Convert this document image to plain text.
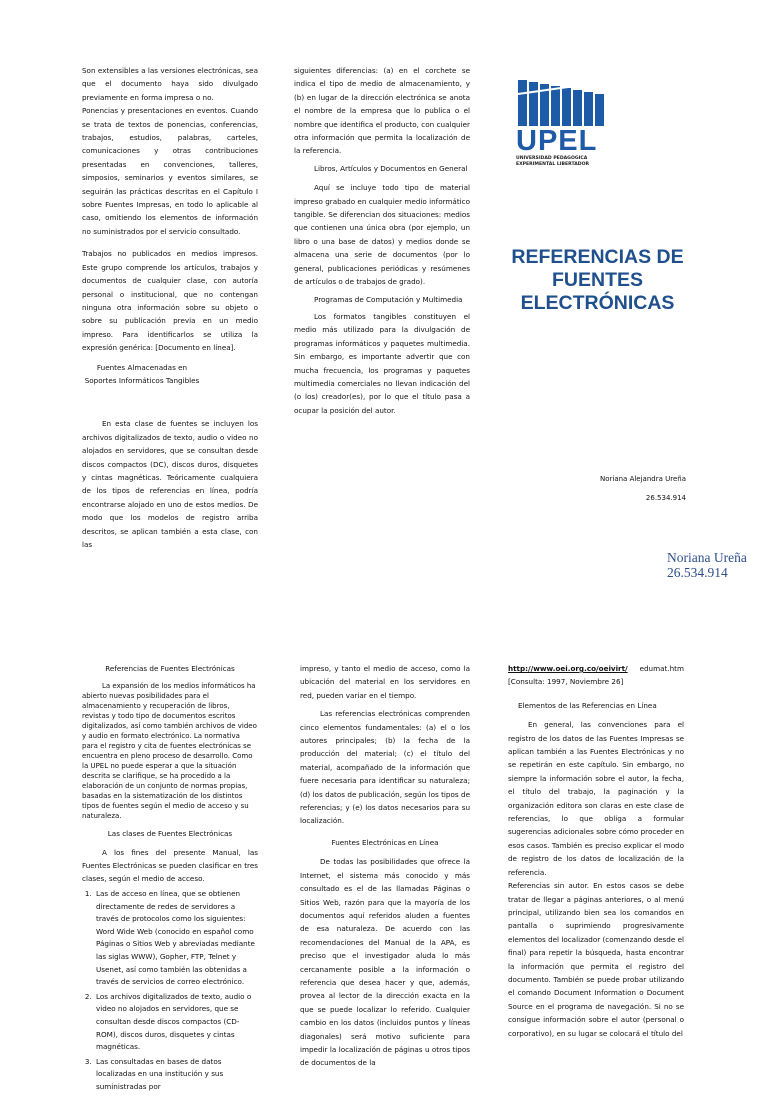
Son extensibles a las versiones electrónicas, sea que el documento haya sido divulgado previamente en forma impresa o no.

Ponencias y presentaciones en eventos. Cuando se trata de textos de ponencias, conferencias, trabajos, estudios, palabras, carteles, comunicaciones y otras contribuciones presentadas en convenciones, talleres, simposios, seminarios y eventos similares, se seguirán las prácticas descritas en el Capítulo I sobre Fuentes Impresas, en todo lo aplicable al caso, omitiendo los elementos de información no suministrados por el servicio consultado.

Trabajos no publicados en medios impresos. Este grupo comprende los artículos, trabajos y documentos de cualquier clase, con autoría personal o institucional, que no contengan ninguna otra información sobre su objeto o sobre su publicación previa en un medio impreso. Para identificarlos se utiliza la expresión genérica: [Documento en línea].

Fuentes Almacenadas en Soportes Informáticos Tangibles

En esta clase de fuentes se incluyen los archivos digitalizados de texto, audio o video no alojados en servidores, que se consultan desde discos compactos (DC), discos duros, disquetes y cintas magnéticas. Teóricamente cualquiera de los tipos de referencias en línea, podría encontrarse alojado en uno de estos medios. De modo que los modelos de registro arriba descritos, se aplican también a esta clase, con las

siguientes diferencias: (a) en el corchete se indica el tipo de medio de almacenamiento, y (b) en lugar de la dirección electrónica se anota el nombre de la empresa que lo publica o el nombre que identifica el producto, con cualquier otra información que permita la localización de la referencia.

Libros, Artículos y Documentos en General

Aquí se incluye todo tipo de material impreso grabado en cualquier medio informático tangible. Se diferencian dos situaciones: medios que contienen una única obra (por ejemplo, un libro o una base de datos) y medios donde se almacena una serie de documentos (por lo general, publicaciones periódicas y resúmenes de artículos o de trabajos de grado).

Programas de Computación y Multimedia

Los formatos tangibles constituyen el medio más utilizado para la divulgación de programas informáticos y paquetes multimedia. Sin embargo, es importante advertir que con mucha frecuencia, los programas y paquetes multimedia comerciales no llevan indicación del (o los) creador(es), por lo que el título pasa a ocupar la posición del autor.

UPEL
UNIVERSIDAD PEDAGOGICA
EXPERIMENTAL LIBERTADOR
REFERENCIAS DE FUENTES ELECTRÓNICAS
Noriana Alejandra Ureña
26.534.914
Noriana Ureña
26.534.914

Referencias de Fuentes Electrónicas

La expansión de los medios informáticos ha abierto nuevas posibilidades para el almacenamiento y recuperación de libros, revistas y todo tipo de documentos escritos digitalizados, así como también archivos de video y audio en formato electrónico. La normativa para el registro y cita de fuentes electrónicas se encuentra en pleno proceso de desarrollo. Como la UPEL no puede esperar a que la situación descrita se clarifique, se ha procedido a la elaboración de un conjunto de normas propias, basadas en la sistematización de los distintos tipos de fuentes según el medio de acceso y su naturaleza.

Las clases de Fuentes Electrónicas

A los fines del presente Manual, las Fuentes Electrónicas se pueden clasificar en tres clases, según el medio de acceso.

1. Las de acceso en línea, que se obtienen directamente de redes de servidores a través de protocolos como los siguientes: Word Wide Web (conocido en español como Páginas o Sitios Web y abreviadas mediante las siglas WWW), Gopher, FTP, Telnet y Usenet, así como también las obtenidas a través de servicios de correo electrónico.
2. Los archivos digitalizados de texto, audio o video no alojados en servidores, que se consultan desde discos compactos (CD-ROM), discos duros, disquetes y cintas magnéticas.
3. Las consultadas en bases de datos localizadas en una institución y sus suministradas por

impreso, y tanto el medio de acceso, como la ubicación del material en los servidores en red, pueden variar en el tiempo.

Las referencias electrónicas comprenden cinco elementos fundamentales: (a) el o los autores principales; (b) la fecha de la producción del material; (c) el título del material, acompañado de la información que fuere necesaria para identificar su naturaleza; (d) los datos de publicación, según los tipos de referencias; y (e) los datos necesarios para su localización.

Fuentes Electrónicas en Línea

De todas las posibilidades que ofrece la Internet, el sistema más conocido y más consultado es el de las llamadas Páginas o Sitios Web, razón para que la mayoría de los documentos aquí referidos aluden a fuentes de esa naturaleza. De acuerdo con las recomendaciones del Manual de la APA, es preciso que el investigador aluda lo más cercanamente posible a la información o referencia que desea hacer y que, además, provea al lector de la dirección exacta en la que se puede localizar lo referido. Cualquier cambio en los datos (incluidos puntos y líneas diagonales) será motivo suficiente para impedir la localización de páginas u otros tipos de documentos de la

http://www.oei.org.co/oeivirt/ edumat.htm

[Consulta: 1997, Noviembre 26]

Elementos de las Referencias en Línea

En general, las convenciones para el registro de los datos de las Fuentes Impresas se aplican también a las Fuentes Electrónicas y no se repetirán en este capítulo. Sin embargo, no siempre la información sobre el autor, la fecha, el título del trabajo, la paginación y la organización editora son claras en este clase de referencias, lo que obliga a formular sugerencias adicionales sobre cómo proceder en esos casos. También es preciso explicar el modo de registro de los datos de localización de la referencia.

Referencias sin autor. En estos casos se debe tratar de llegar a páginas anteriores, o al menú principal, utilizando bien sea los comandos en pantalla o suprimiendo progresivamente elementos del localizador (comenzando desde el final) para repetir la búsqueda, hasta encontrar la información que permita el registro del documento. También se puede probar utilizando el comando Document Information o Document Source en el programa de navegación. Si no se consigue información sobre el autor (personal o corporativo), en su lugar se colocará el título del
